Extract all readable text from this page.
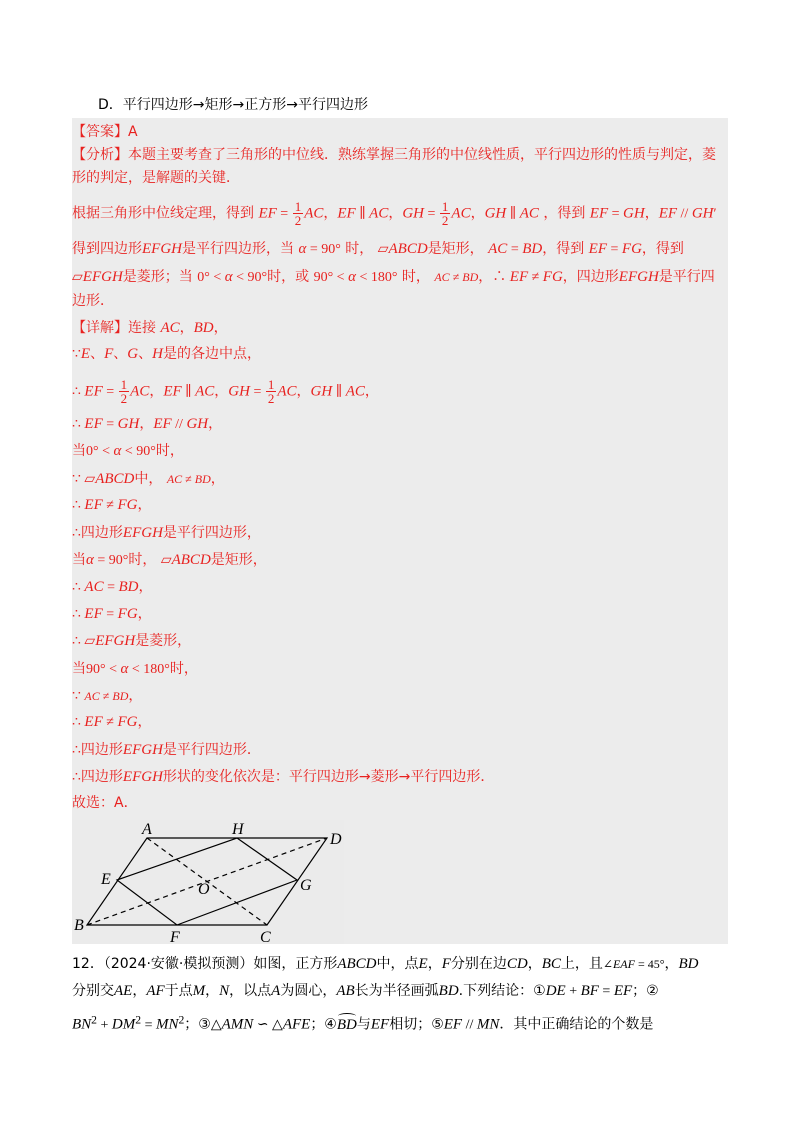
A	H
D
E
O	G
B
F	C
D．平行四边形→矩形→正方形→平行四边形
【答案】A
【分析】本题主要考查了三角形的中位线．熟练掌握三角形的中位线性质，平行四边形的性质与判定，菱
形的判定，是解题的关键．
根据三角形中位线定理，得到 EF = $\frac{1}{2}$ AC，EF ∥ AC，GH = $\frac{1}{2}$ AC，GH ∥ AC ，得到 EF = GH，EF // GH′
得到四边形EFGH是平行四边形，当 α = 90° 时， ▱ABCD是矩形， AC = BD，得到 EF = FG，得到
▱EFGH是菱形；当 0° < α < 90°时，或 90° < α < 180° 时， AC ≠ BD，∴ EF ≠ FG，四边形EFGH是平行四
边形．
【详解】连接 AC，BD，
∵E、F、G、H是的各边中点，
∴ EF = $\frac{1}{2}$ AC，EF ∥ AC，GH = $\frac{1}{2}$ AC，GH ∥ AC，
∴ EF = GH，EF // GH，
当0° < α < 90°时，
∵ ▱ABCD中， AC ≠ BD，
∴ EF ≠ FG，
∴四边形EFGH是平行四边形，
当α = 90°时， ▱ABCD是矩形，
∴ AC = BD，
∴ EF = FG，
∴ ▱EFGH是菱形，
当90° < α < 180°时，
∵ AC ≠ BD，
∴ EF ≠ FG，
∴四边形EFGH是平行四边形．
∴四边形EFGH形状的变化依次是：平行四边形→菱形→平行四边形．
故选：A．
12．（2024·安徽·模拟预测）如图，正方形ABCD中，点E，F分别在边CD，BC上，且∠EAF = 45°，BD
分别交AE，AF于点M，N，以点A为圆心，AB长为半径画弧BD.下列结论：①DE + BF = EF；②
$BN^2 + DM^2 = MN^2$；③△AMN ∽ △AFE；④BD与EF相切；⑤EF // MN．其中正确结论的个数是
